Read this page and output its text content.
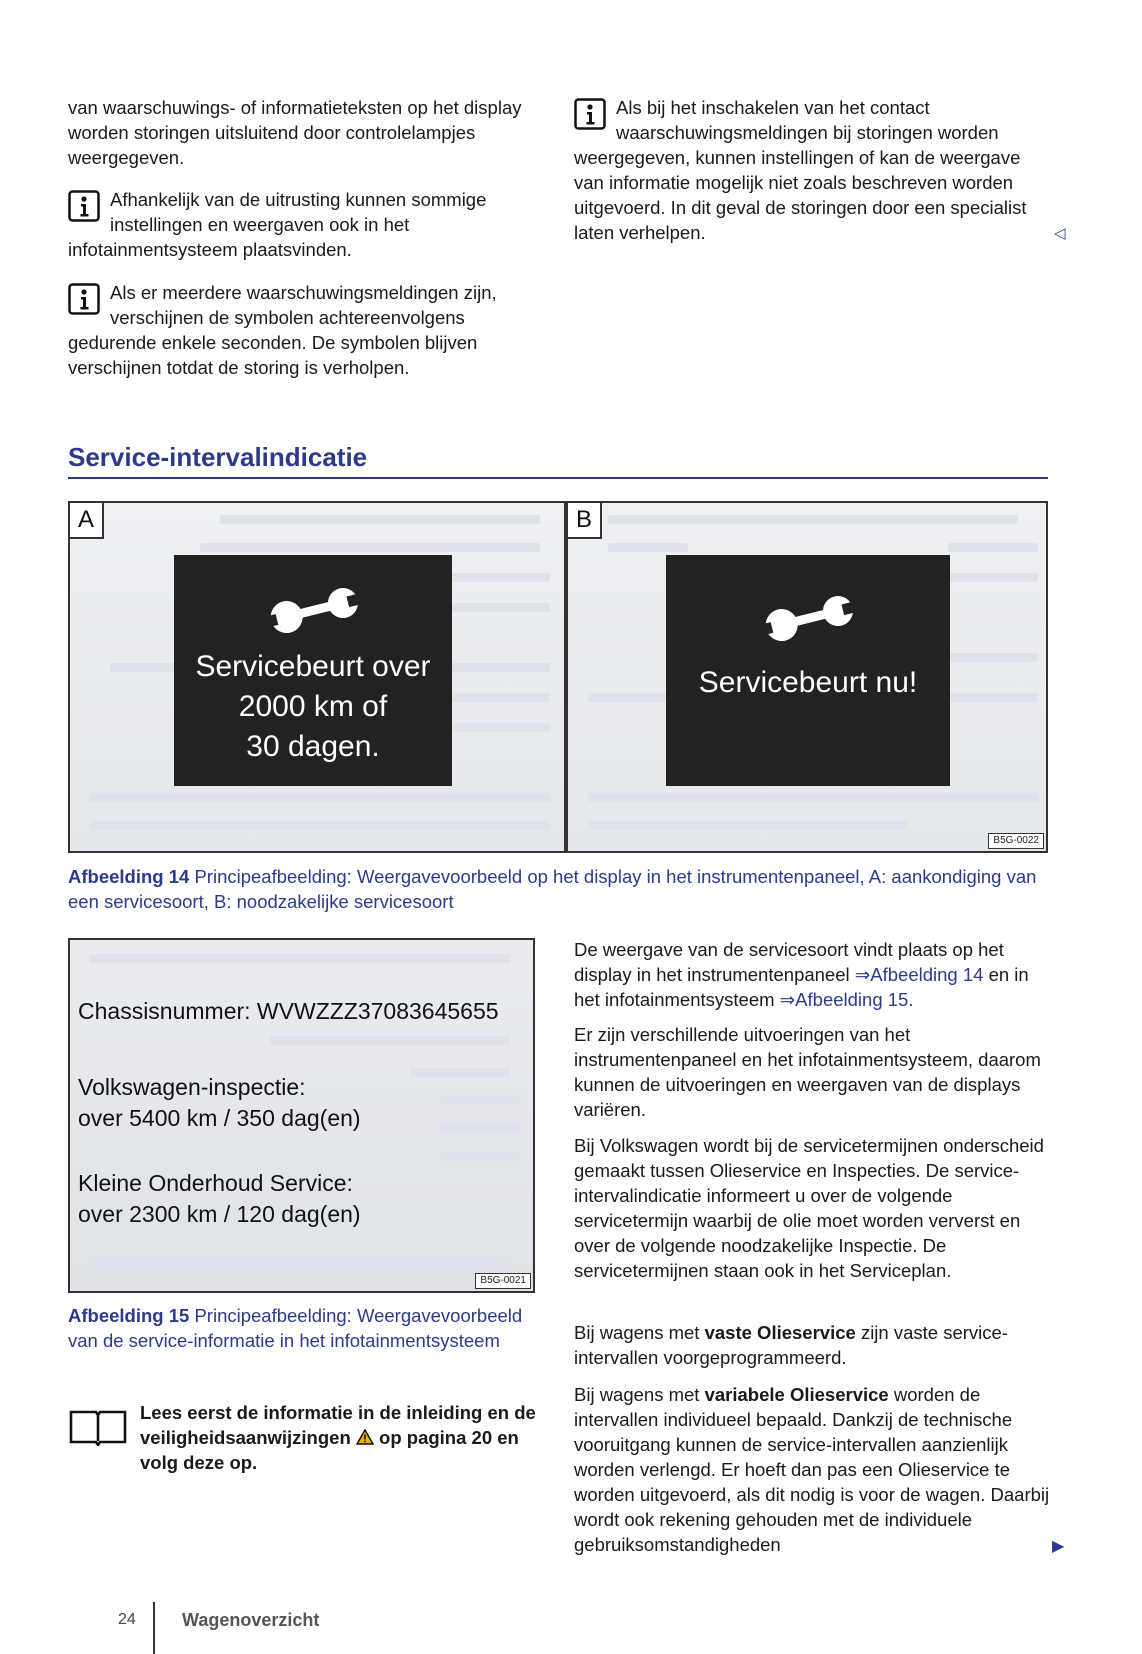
van waarschuwings- of informatieteksten op het display worden storingen uitsluitend door controlelampjes weergegeven.
Afhankelijk van de uitrusting kunnen sommige instellingen en weergaven ook in het infotainmentsysteem plaatsvinden.
Als er meerdere waarschuwingsmeldingen zijn, verschijnen de symbolen achtereenvolgens gedurende enkele seconden. De symbolen blijven verschijnen totdat de storing is verholpen.
Als bij het inschakelen van het contact waarschuwingsmeldingen bij storingen worden weergegeven, kunnen instellingen of kan de weergave van informatie mogelijk niet zoals beschreven worden uitgevoerd. In dit geval de storingen door een specialist laten verhelpen.	◁
Service-intervalindicatie
A
Servicebeurt over
2000 km of
30 dagen.
B
Servicebeurt nu!
B5G-0022
Afbeelding 14 Principeafbeelding: Weergavevoorbeeld op het display in het instrumentenpaneel, A: aankondiging van een servicesoort, B: noodzakelijke servicesoort
Chassisnummer: WVWZZZ37083645655
Volkswagen-inspectie:
over 5400 km / 350 dag(en)
Kleine Onderhoud Service:
over 2300 km / 120 dag(en)
B5G-0021
Afbeelding 15 Principeafbeelding: Weergavevoorbeeld van de service-informatie in het infotainmentsysteem
Lees eerst de informatie in de inleiding en de veiligheidsaanwijzingen op pagina 20 en volg deze op.
De weergave van de servicesoort vindt plaats op het display in het instrumentenpaneel ⇒Afbeelding 14 en in het infotainmentsysteem ⇒Afbeelding 15.
Er zijn verschillende uitvoeringen van het instrumentenpaneel en het infotainmentsysteem, daarom kunnen de uitvoeringen en weergaven van de displays variëren.
Bij Volkswagen wordt bij de servicetermijnen onderscheid gemaakt tussen Olieservice en Inspecties. De service-intervalindicatie informeert u over de volgende servicetermijn waarbij de olie moet worden ververst en over de volgende noodzakelijke Inspectie. De servicetermijnen staan ook in het Serviceplan.
Bij wagens met vaste Olieservice zijn vaste service-intervallen voorgeprogrammeerd.
Bij wagens met variabele Olieservice worden de intervallen individueel bepaald. Dankzij de technische vooruitgang kunnen de service-intervallen aanzienlijk worden verlengd. Er hoeft dan pas een Olieservice te worden uitgevoerd, als dit nodig is voor de wagen. Daarbij wordt ook rekening gehouden met de individuele gebruiksomstandigheden	▶
24	Wagenoverzicht
